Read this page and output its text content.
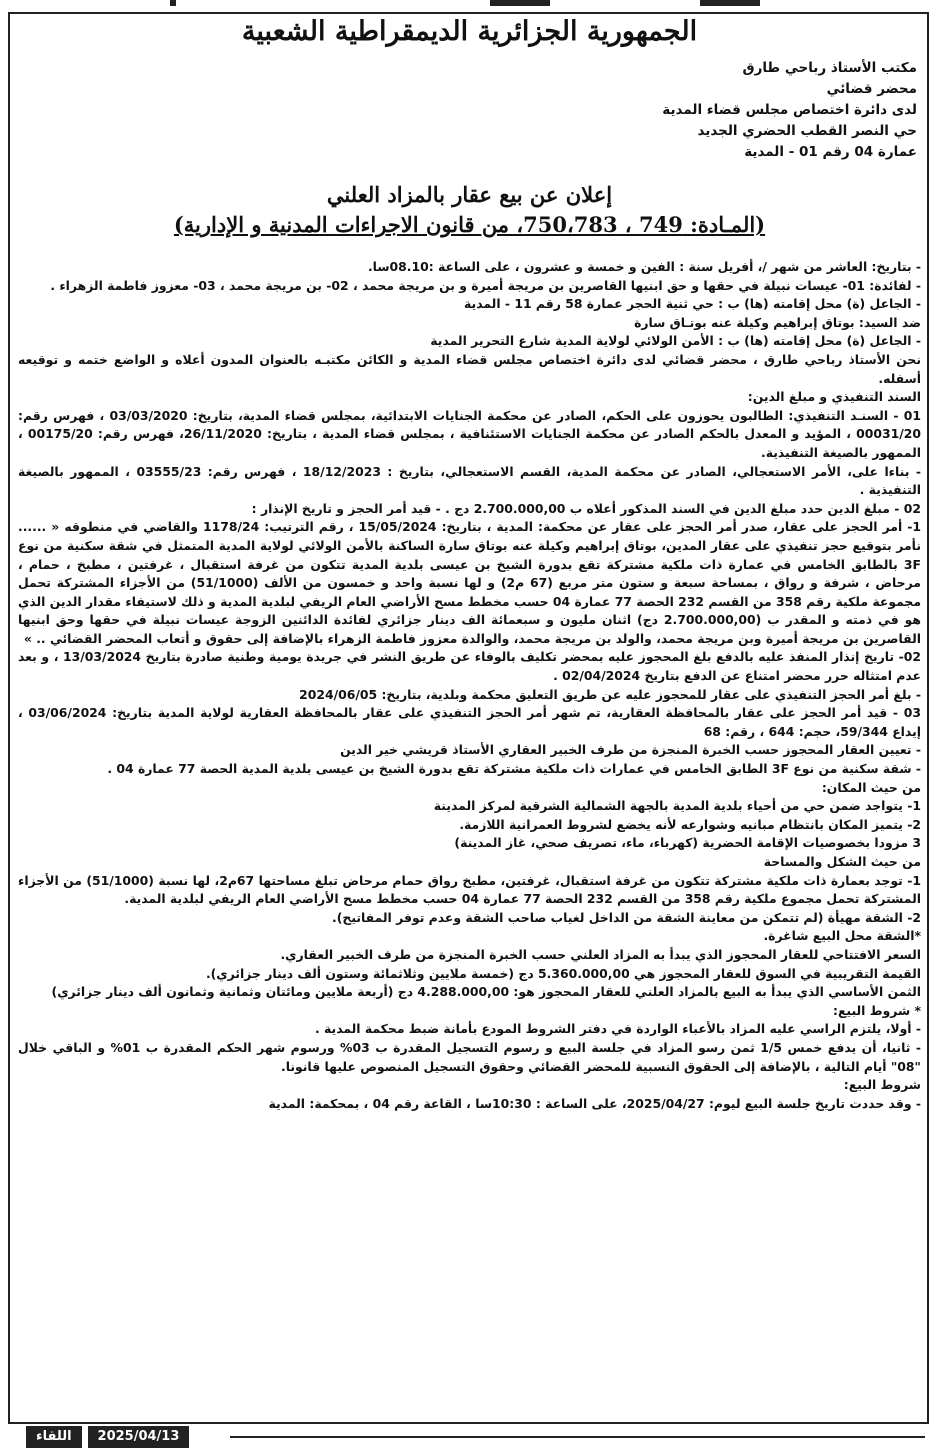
الجمهورية الجزائرية الديمقراطية الشعبية
مكتب الأستاذ رباحي طارق
محضر قضائي
لدى دائرة اختصاص مجلس قضاء المدية
حي النصر القطب الحضري الجديد
عمارة 04 رقم 01 - المدية
إعلان عن بيع عقار بالمزاد العلني
(المـادة: 749 ، 750،783، من قانون الاجراءات المدنية و الإدارية)

- بتاريخ: العاشر من شهر /، أفريل سنة : الفين و خمسة و عشرون ، على الساعة :08.10سا.

- لفائدة: 01- عيسات نبيلة في حقها و حق ابنيها القاصرين بن مريجة أميرة و بن مريجة محمد ، 02- بن مريجة محمد ، 03- معزوز فاطمة الزهراء .

- الجاعل (ة) محل إقامته (ها) ب : حي ثنية الحجر عمارة 58 رقم 11 - المدية

ضد السيد: بوتاق إبراهيم وكيلة عنه بوتـاق سارة

- الجاعل (ة) محل إقامته (ها) ب : الأمن الولائي لولاية المدية شارع التحرير المدية

نحن الأستاذ رباحي طارق ، محضر قضائي لدى دائرة اختصاص مجلس قضاء المدية و الكائن مكتبـه بالعنوان المدون أعلاه و الواضع ختمه و توقيعه أسفله.

السند التنفيذي و مبلغ الدين:

01 - السنـد التنفيذي: الطالبون يحوزون على الحكم، الصادر عن محكمة الجنايات الابتدائية، بمجلس قضاء المدية، بتاريخ: 03/03/2020 ، فهرس رقم: 00031/20 ، المؤيد و المعدل بالحكم الصادر عن محكمة الجنايات الاستئنافية ، بمجلس قضاء المدية ، بتاريخ: 26/11/2020، فهرس رقم: 00175/20 ، الممهور بالصيغة التنفيذية.

- بناءا على، الأمر الاستعجالي، الصادر عن محكمة المدية، القسم الاستعجالي، بتاريخ : 18/12/2023 ، فهرس رقم: 03555/23 ، الممهور بالصيغة التنفيذية .

02 - مبلغ الدين حدد مبلغ الدين في السند المذكور أعلاه ب 2.700.000,00 دج . - قيد أمر الحجز و تاريخ الإنذار :

1- أمر الحجز على عقار، صدر أمر الحجز على عقار عن محكمة: المدية ، بتاريخ: 15/05/2024 ، رقم الترتيب: 1178/24 والقاضي في منطوقه « ...... نأمر بتوقيع حجز تنفيذي على عقار المدين، بوتاق إبراهيم وكيلة عنه بوتاق سارة الساكنة بالأمن الولائي لولاية المدية المتمثل في شقة سكنية من نوع 3F بالطابق الخامس في عمارة ذات ملكية مشتركة تقع بدورة الشيخ بن عيسى بلدية المدية تتكون من غرفة استقبال ، غرفتين ، مطبخ ، حمام ، مرحاض ، شرفة و رواق ، بمساحة سبعة و ستون متر مربع (67 م2) و لها نسبة واحد و خمسون من الألف (51/1000) من الأجزاء المشتركة تحمل مجموعة ملكية رقم 358 من القسم 232 الحصة 77 عمارة 04 حسب مخطط مسح الأراضي العام الريفي لبلدية المدية و ذلك لاستيفاء مقدار الدين الذي هو في ذمته و المقدر ب (2.700.000,00 دج) اثنان مليون و سبعمائة الف دينار جزائري لفائدة الدائنين الزوجة عيسات نبيلة في حقها وحق ابنيها القاصرين بن مريجة أميرة وبن مريجة محمد، والولد بن مريجة محمد، والوالدة معزوز فاطمة الزهراء بالإضافة إلى حقوق و أتعاب المحضر القضائي .. »

02- تاريخ إنذار المنفذ عليه بالدفع بلغ المحجوز عليه بمحضر تكليف بالوفاء عن طريق النشر في جريدة يومية وطنية صادرة بتاريخ 13/03/2024 ، و بعد عدم امتثاله حرر محضر امتناع عن الدفع بتاريخ 02/04/2024 .

- بلغ أمر الحجز التنفيذي على عقار للمحجوز عليه عن طريق التعليق محكمة وبلدية، بتاريخ: 2024/06/05

03 - قيد أمر الحجز على عقار بالمحافظة العقارية، تم شهر أمر الحجز التنفيذي على عقار بالمحافظة العقارية لولاية المدية بتاريخ: 03/06/2024 ، إيداع 59/344، حجم: 644 ، رقم: 68

- تعيين العقار المحجوز حسب الخبرة المنجزة من طرف الخبير العقاري الأستاذ قريشي خير الدين

- شقة سكنية من نوع 3F الطابق الخامس في عمارات ذات ملكية مشتركة تقع بدورة الشيخ بن عيسى بلدية المدية الحصة 77 عمارة 04 .

من حيث المكان:

1- يتواجد ضمن حي من أحياء بلدية المدية بالجهة الشمالية الشرقية لمركز المدينة

2- يتميز المكان بانتظام مبانيه وشوارعه لأنه يخضع لشروط العمرانية اللازمة.

3 مزودا بخصوصيات الإقامة الحضرية (كهرباء، ماء، تصريف صحي، غاز المدينة)

من حيث الشكل والمساحة

1- توجد بعمارة ذات ملكية مشتركة تتكون من غرفة استقبال، غرفتين، مطبخ رواق حمام مرحاض تبلغ مساحتها 67م2، لها نسبة (51/1000) من الأجزاء المشتركة تحمل مجموع ملكية رقم 358 من القسم 232 الحصة 77 عمارة 04 حسب مخطط مسح الأراضي العام الريفي لبلدية المدية.

2- الشقة مهيأة (لم تتمكن من معاينة الشقة من الداخل لغياب صاحب الشقة وعدم توفر المفاتيح).

*الشقة محل البيع شاغرة.

السعر الافتتاحي للعقار المحجوز الذي يبدأ به المزاد العلني حسب الخبرة المنجزة من طرف الخبير العقاري.

القيمة التقريبية في السوق للعقار المحجوز هي 5.360.000,00 دج (خمسة ملايين وثلاثمائة وستون ألف دينار جزائري).

الثمن الأساسي الذي يبدأ به البيع بالمزاد العلني للعقار المحجوز هو: 4.288.000,00 دج (أربعة ملايين ومائتان وثمانية وثمانون ألف دينار جزائري)

* شروط البيع:

- أولا، يلتزم الراسي عليه المزاد بالأعباء الواردة في دفتر الشروط المودع بأمانة ضبط محكمة المدية .

- ثانيا، أن يدفع خمس 1/5 ثمن رسو المزاد في جلسة البيع و رسوم التسجيل المقدرة ب 03% ورسوم شهر الحكم المقدرة ب 01% و الباقي خلال "08" أيام التالية ، بالإضافة إلى الحقوق النسبية للمحضر القضائي وحقوق التسجيل المنصوص عليها قانونا.

شروط البيع:

- وقد حددت تاريخ جلسة البيع ليوم: 2025/04/27، على الساعة : 10:30سا ، القاعة رقم 04 ، بمحكمة: المدية

2025/04/13
اللقاء
